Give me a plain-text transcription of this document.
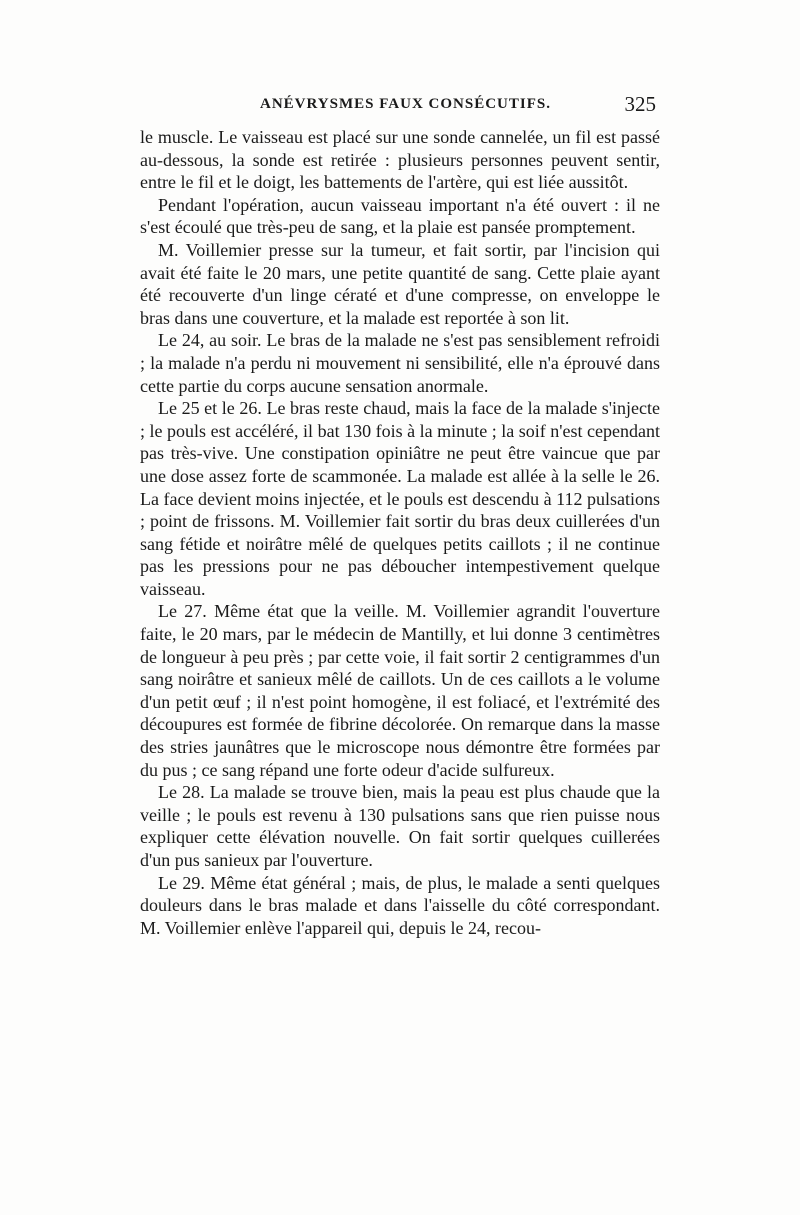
ANÉVRYSMES FAUX CONSÉCUTIFS.	325

le muscle. Le vaisseau est placé sur une sonde cannelée, un fil est passé au-dessous, la sonde est retirée : plusieurs personnes peuvent sentir, entre le fil et le doigt, les battements de l'artère, qui est liée aussitôt.

Pendant l'opération, aucun vaisseau important n'a été ouvert : il ne s'est écoulé que très-peu de sang, et la plaie est pansée promptement.

M. Voillemier presse sur la tumeur, et fait sortir, par l'incision qui avait été faite le 20 mars, une petite quantité de sang. Cette plaie ayant été recouverte d'un linge cératé et d'une compresse, on enveloppe le bras dans une couverture, et la malade est reportée à son lit.

Le 24, au soir. Le bras de la malade ne s'est pas sensiblement refroidi ; la malade n'a perdu ni mouvement ni sensibilité, elle n'a éprouvé dans cette partie du corps aucune sensation anormale.

Le 25 et le 26. Le bras reste chaud, mais la face de la malade s'injecte ; le pouls est accéléré, il bat 130 fois à la minute ; la soif n'est cependant pas très-vive. Une constipation opiniâtre ne peut être vaincue que par une dose assez forte de scammonée. La malade est allée à la selle le 26. La face devient moins injectée, et le pouls est descendu à 112 pulsations ; point de frissons. M. Voillemier fait sortir du bras deux cuillerées d'un sang fétide et noirâtre mêlé de quelques petits caillots ; il ne continue pas les pressions pour ne pas déboucher intempestivement quelque vaisseau.

Le 27. Même état que la veille. M. Voillemier agrandit l'ouverture faite, le 20 mars, par le médecin de Mantilly, et lui donne 3 centimètres de longueur à peu près ; par cette voie, il fait sortir 2 centigrammes d'un sang noirâtre et sanieux mêlé de caillots. Un de ces caillots a le volume d'un petit œuf ; il n'est point homogène, il est foliacé, et l'extrémité des découpures est formée de fibrine décolorée. On remarque dans la masse des stries jaunâtres que le microscope nous démontre être formées par du pus ; ce sang répand une forte odeur d'acide sulfureux.

Le 28. La malade se trouve bien, mais la peau est plus chaude que la veille ; le pouls est revenu à 130 pulsations sans que rien puisse nous expliquer cette élévation nouvelle. On fait sortir quelques cuillerées d'un pus sanieux par l'ouverture.

Le 29. Même état général ; mais, de plus, le malade a senti quelques douleurs dans le bras malade et dans l'aisselle du côté correspondant. M. Voillemier enlève l'appareil qui, depuis le 24, recou-
